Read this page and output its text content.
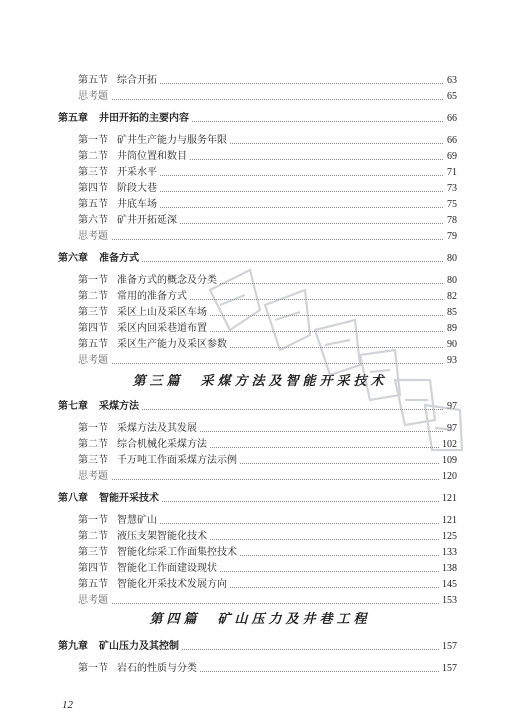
第五节 综合开拓	63
思考题	65
第五章 井田开拓的主要内容	66
第一节 矿井生产能力与服务年限	66
第二节 井筒位置和数目	69
第三节 开采水平	71
第四节 阶段大巷	73
第五节 井底车场	75
第六节 矿井开拓延深	78
思考题	79
第六章 准备方式	80
第一节 准备方式的概念及分类	80
第二节 常用的准备方式	82
第三节 采区上山及采区车场	85
第四节 采区内回采巷道布置	89
第五节 采区生产能力及采区参数	90
思考题	93
第七章 采煤方法	97
第一节 采煤方法及其发展	97
第二节 综合机械化采煤方法	102
第三节 千万吨工作面采煤方法示例	109
思考题	120
第八章 智能开采技术	121
第一节 智慧矿山	121
第二节 液压支架智能化技术	125
第三节 智能化综采工作面集控技术	133
第四节 智能化工作面建设现状	138
第五节 智能化开采技术发展方向	145
思考题	153
第九章 矿山压力及其控制	157
第一节 岩石的性质与分类	157
第三篇　采煤方法及智能开采技术
第四篇　矿山压力及井巷工程
12
